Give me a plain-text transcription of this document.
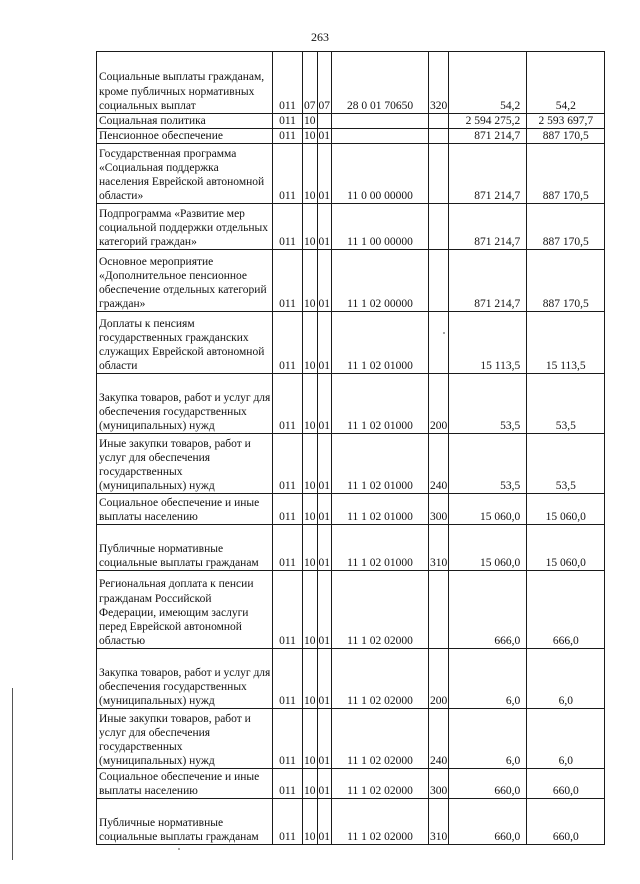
263
Социальные выплаты гражданам, кроме публичных нормативных социальных выплат	011	07	07	28 0 01 70650	320	54,2	54,2
Социальная политика	011	10				2 594 275,2	2 593 697,7
Пенсионное обеспечение	011	10	01			871 214,7	887 170,5
Государственная программа «Социальная поддержка населения Еврейской автономной области»	011	10	01	11 0 00 00000		871 214,7	887 170,5
Подпрограмма «Развитие мер социальной поддержки отдельных категорий граждан»	011	10	01	11 1 00 00000		871 214,7	887 170,5
Основное мероприятие «Дополнительное пенсионное обеспечение отдельных категорий граждан»	011	10	01	11 1 02 00000		871 214,7	887 170,5
Доплаты к пенсиям государственных гражданских служащих Еврейской автономной области	011	10	01	11 1 02 01000		15 113,5	15 113,5
Закупка товаров, работ и услуг для обеспечения государственных (муниципальных) нужд	011	10	01	11 1 02 01000	200	53,5	53,5
Иные закупки товаров, работ и услуг для обеспечения государственных (муниципальных) нужд	011	10	01	11 1 02 01000	240	53,5	53,5
Социальное обеспечение и иные выплаты населению	011	10	01	11 1 02 01000	300	15 060,0	15 060,0
Публичные нормативные социальные выплаты гражданам	011	10	01	11 1 02 01000	310	15 060,0	15 060,0
Региональная доплата к пенсии гражданам Российской Федерации, имеющим заслуги перед Еврейской автономной областью	011	10	01	11 1 02 02000		666,0	666,0
Закупка товаров, работ и услуг для обеспечения государственных (муниципальных) нужд	011	10	01	11 1 02 02000	200	6,0	6,0
Иные закупки товаров, работ и услуг для обеспечения государственных (муниципальных) нужд	011	10	01	11 1 02 02000	240	6,0	6,0
Социальное обеспечение и иные выплаты населению	011	10	01	11 1 02 02000	300	660,0	660,0
Публичные нормативные социальные выплаты гражданам	011	10	01	11 1 02 02000	310	660,0	660,0
